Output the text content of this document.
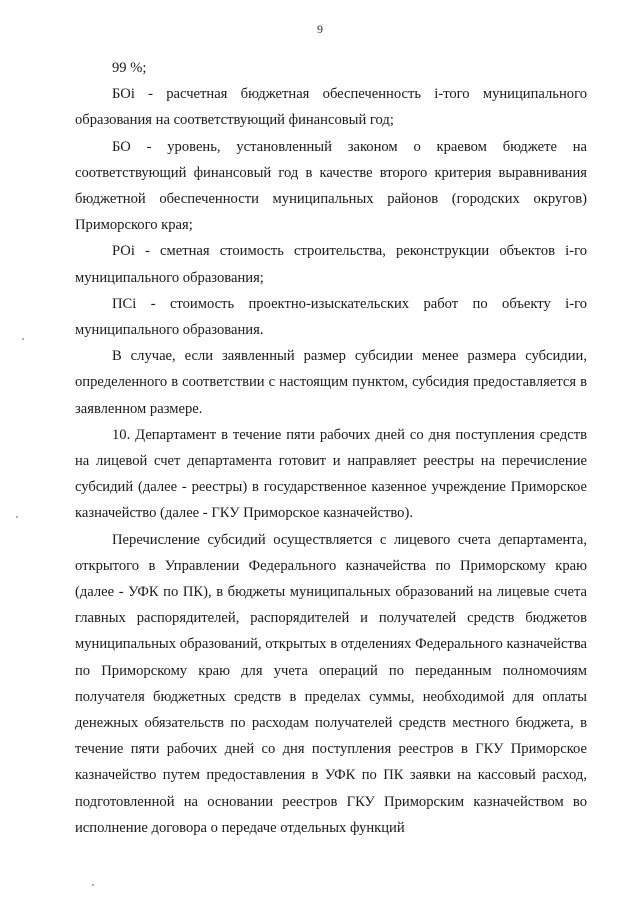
9

99 %;

БОі - расчетная бюджетная обеспеченность і-того муниципального образования на соответствующий финансовый год;

БО - уровень, установленный законом о краевом бюджете на соответствующий финансовый год в качестве второго критерия выравнивания бюджетной обеспеченности муниципальных районов (городских округов) Приморского края;

РОі - сметная стоимость строительства, реконструкции объектов і-го муниципального образования;

ПСі - стоимость проектно-изыскательских работ по объекту і-го муниципального образования.

В случае, если заявленный размер субсидии менее размера субсидии, определенного в соответствии с настоящим пунктом, субсидия предоставляется в заявленном размере.

10. Департамент в течение пяти рабочих дней со дня поступления средств на лицевой счет департамента готовит и направляет реестры на перечисление субсидий (далее - реестры) в государственное казенное учреждение Приморское казначейство (далее - ГКУ Приморское казначейство).

Перечисление субсидий осуществляется с лицевого счета департамента, открытого в Управлении Федерального казначейства по Приморскому краю (далее - УФК по ПК), в бюджеты муниципальных образований на лицевые счета главных распорядителей, распорядителей и получателей средств бюджетов муниципальных образований, открытых в отделениях Федерального казначейства по Приморскому краю для учета операций по переданным полномочиям получателя бюджетных средств в пределах суммы, необходимой для оплаты денежных обязательств по расходам получателей средств местного бюджета, в течение пяти рабочих дней со дня поступления реестров в ГКУ Приморское казначейство путем предоставления в УФК по ПК заявки на кассовый расход, подготовленной на основании реестров ГКУ Приморским казначейством во исполнение договора о передаче отдельных функций
